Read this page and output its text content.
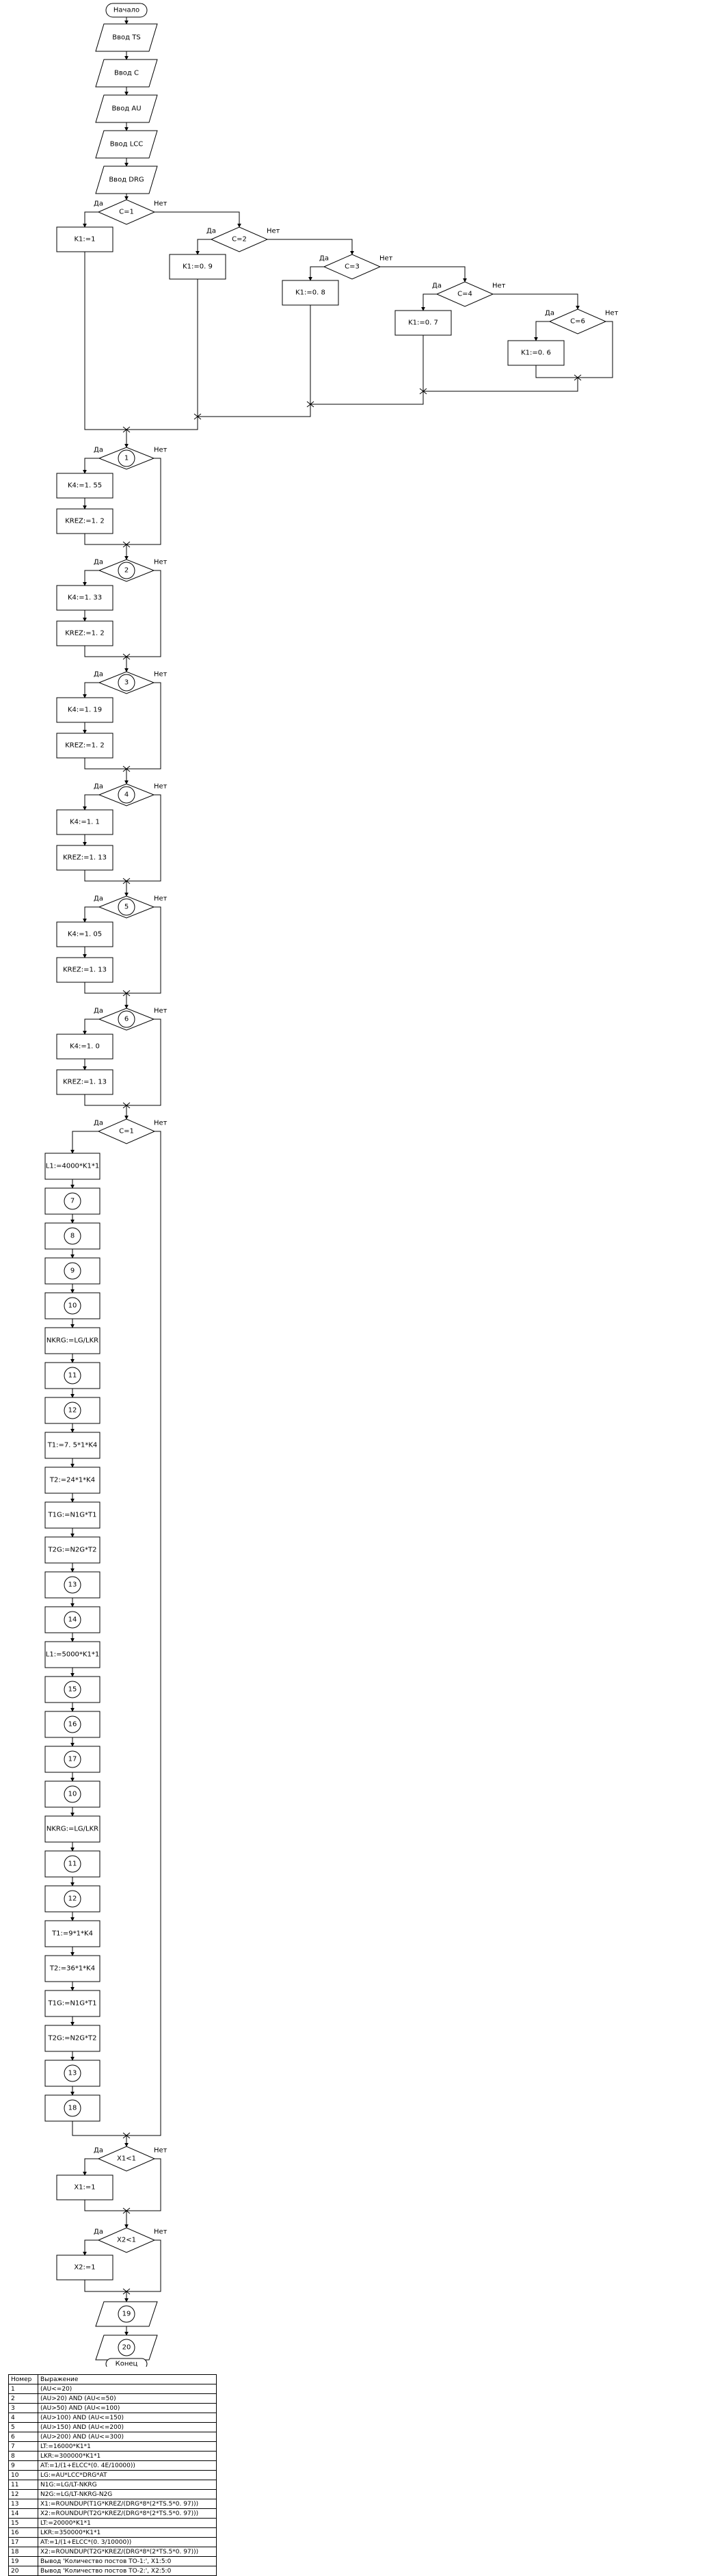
Начало
Ввод TS
Ввод C
Ввод AU
Ввод LCC
Ввод DRG
C=1
Да	Нет
K1:=1	C=2
Да	Нет
K1:=0. 9	C=3
Да	Нет
K1:=0. 8	C=4
Да	Нет
K1:=0. 7	C=6
Да	Нет
K1:=0. 6
1
Да	Нет
K4:=1. 55
KREZ:=1. 2
2
Да	Нет
K4:=1. 33
KREZ:=1. 2
3
Да	Нет
K4:=1. 19
KREZ:=1. 2
4
Да	Нет
K4:=1. 1
KREZ:=1. 13
5
Да	Нет
K4:=1. 05
KREZ:=1. 13
6
Да	Нет
K4:=1. 0
KREZ:=1. 13
C=1
Да	Нет
L1:=4000*K1*1
7
8
9
10
NKRG:=LG/LKR
11
12
T1:=7. 5*1*K4
T2:=24*1*K4
T1G:=N1G*T1
T2G:=N2G*T2
13
14
L1:=5000*K1*1
15
16
17
10
NKRG:=LG/LKR
11
12
T1:=9*1*K4
T2:=36*1*K4
T1G:=N1G*T1
T2G:=N2G*T2
13
18
X1<1
Да	Нет
X1:=1
X2<1
Да	Нет
X2:=1
19
20
Конец
Номер	Выражение
1	(AU<=20)
2	(AU>20) AND (AU<=50)
3	(AU>50) AND (AU<=100)
4	(AU>100) AND (AU<=150)
5	(AU>150) AND (AU<=200)
6	(AU>200) AND (AU<=300)
7	LT:=16000*K1*1
8	LKR:=300000*K1*1
9	AT:=1/(1+ELCC*(0. 4E/10000))
10	LG:=AU*LCC*DRG*AT
11	N1G:=LG/LT-NKRG
12	N2G:=LG/LT-NKRG-N2G
13	X1:=ROUNDUP(T1G*KREZ/(DRG*8*(2*TS.5*0. 97)))
14	X2:=ROUNDUP(T2G*KREZ/(DRG*8*(2*TS.5*0. 97)))
15	LT:=20000*K1*1
16	LKR:=350000*K1*1
17	AT:=1/(1+ELCC*(0. 3/10000))
18	X2:=ROUNDUP(T2G*KREZ/(DRG*8*(2*TS.5*0. 97)))
19	Вывод 'Количество постов ТО-1:', X1:5:0
20	Вывод 'Количество постов ТО-2:', X2:5:0
